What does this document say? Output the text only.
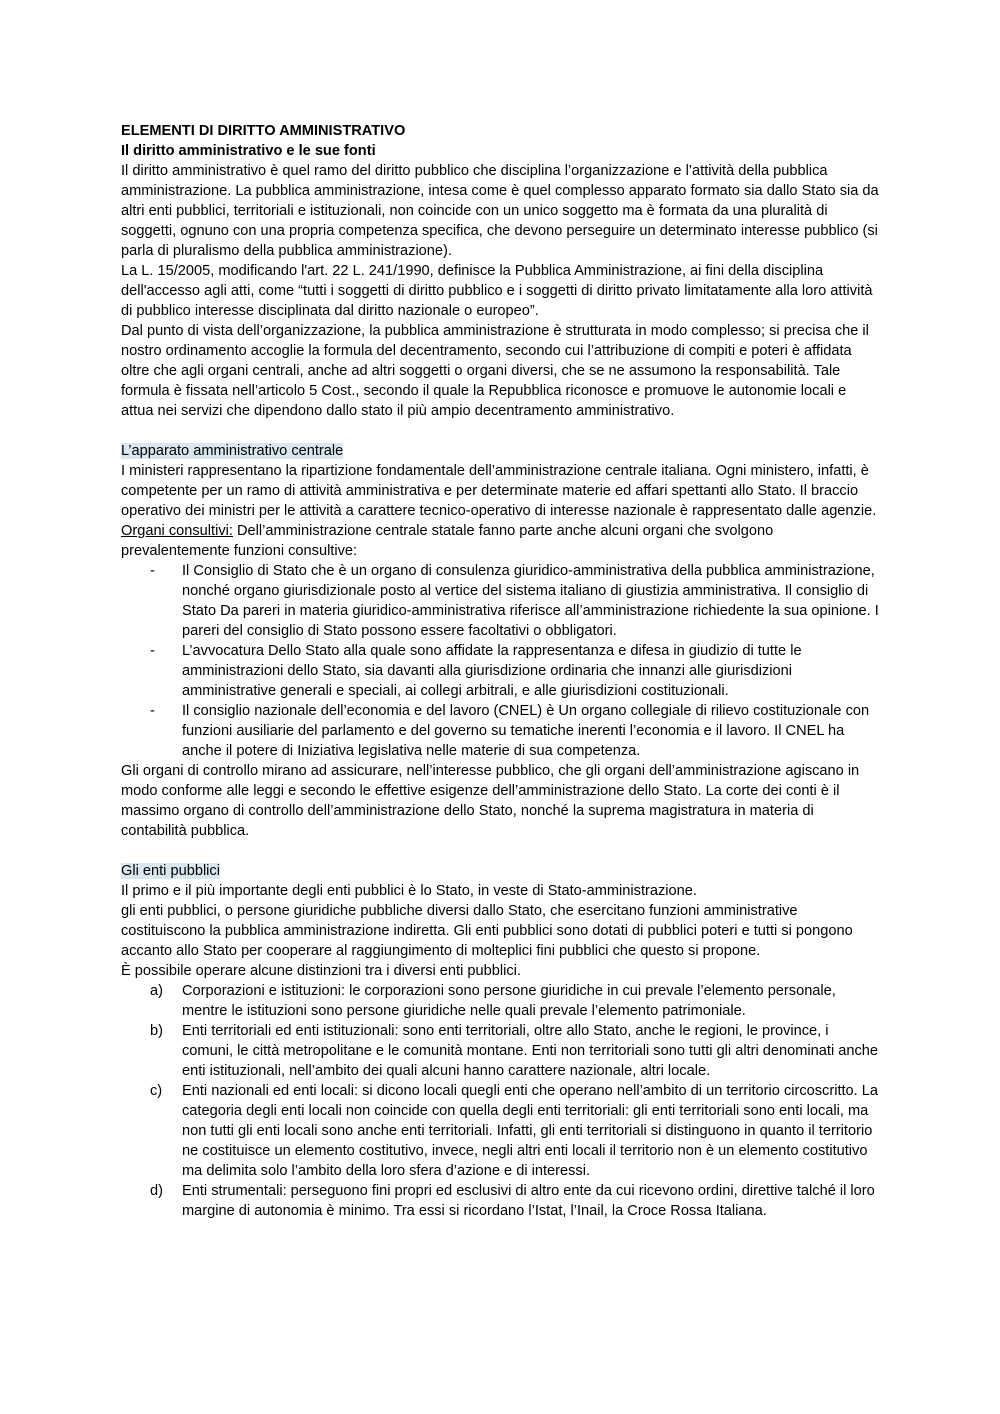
ELEMENTI DI DIRITTO AMMINISTRATIVO

Il diritto amministrativo e le sue fonti

Il diritto amministrativo è quel ramo del diritto pubblico che disciplina l’organizzazione e l’attività della pubblica amministrazione. La pubblica amministrazione, intesa come è quel complesso apparato formato sia dallo Stato sia da altri enti pubblici, territoriali e istituzionali, non coincide con un unico soggetto ma è formata da una pluralità di soggetti, ognuno con una propria competenza specifica, che devono perseguire un determinato interesse pubblico (si parla di pluralismo della pubblica amministrazione).

La L. 15/2005, modificando l'art. 22 L. 241/1990, definisce la Pubblica Amministrazione, ai fini della disciplina dell'accesso agli atti, come “tutti i soggetti di diritto pubblico e i soggetti di diritto privato limitatamente alla loro attività di pubblico interesse disciplinata dal diritto nazionale o europeo”.

Dal punto di vista dell’organizzazione, la pubblica amministrazione è strutturata in modo complesso; si precisa che il nostro ordinamento accoglie la formula del decentramento, secondo cui l’attribuzione di compiti e poteri è affidata oltre che agli organi centrali, anche ad altri soggetti o organi diversi, che se ne assumono la responsabilità. Tale formula è fissata nell’articolo 5 Cost., secondo il quale la Repubblica riconosce e promuove le autonomie locali e attua nei servizi che dipendono dallo stato il più ampio decentramento amministrativo.

L’apparato amministrativo centrale

I ministeri rappresentano la ripartizione fondamentale dell’amministrazione centrale italiana. Ogni ministero, infatti, è competente per un ramo di attività amministrativa e per determinate materie ed affari spettanti allo Stato. Il braccio operativo dei ministri per le attività a carattere tecnico-operativo di interesse nazionale è rappresentato dalle agenzie.

Organi consultivi: Dell’amministrazione centrale statale fanno parte anche alcuni organi che svolgono prevalentemente funzioni consultive:

- Il Consiglio di Stato che è un organo di consulenza giuridico-amministrativa della pubblica amministrazione, nonché organo giurisdizionale posto al vertice del sistema italiano di giustizia amministrativa. Il consiglio di Stato Da pareri in materia giuridico-amministrativa riferisce all’amministrazione richiedente la sua opinione. I pareri del consiglio di Stato possono essere facoltativi o obbligatori.
- L’avvocatura Dello Stato alla quale sono affidate la rappresentanza e difesa in giudizio di tutte le amministrazioni dello Stato, sia davanti alla giurisdizione ordinaria che innanzi alle giurisdizioni amministrative generali e speciali, ai collegi arbitrali, e alle giurisdizioni costituzionali.
- Il consiglio nazionale dell’economia e del lavoro (CNEL) è Un organo collegiale di rilievo costituzionale con funzioni ausiliarie del parlamento e del governo su tematiche inerenti l’economia e il lavoro. Il CNEL ha anche il potere di Iniziativa legislativa nelle materie di sua competenza.

Gli organi di controllo mirano ad assicurare, nell’interesse pubblico, che gli organi dell’amministrazione agiscano in modo conforme alle leggi e secondo le effettive esigenze dell’amministrazione dello Stato. La corte dei conti è il massimo organo di controllo dell’amministrazione dello Stato, nonché la suprema magistratura in materia di contabilità pubblica.

Gli enti pubblici

Il primo e il più importante degli enti pubblici è lo Stato, in veste di Stato-amministrazione.

gli enti pubblici, o persone giuridiche pubbliche diversi dallo Stato, che esercitano funzioni amministrative costituiscono la pubblica amministrazione indiretta. Gli enti pubblici sono dotati di pubblici poteri e tutti si pongono accanto allo Stato per cooperare al raggiungimento di molteplici fini pubblici che questo si propone.

È possibile operare alcune distinzioni tra i diversi enti pubblici.

a) Corporazioni e istituzioni: le corporazioni sono persone giuridiche in cui prevale l’elemento personale, mentre le istituzioni sono persone giuridiche nelle quali prevale l’elemento patrimoniale.
b) Enti territoriali ed enti istituzionali: sono enti territoriali, oltre allo Stato, anche le regioni, le province, i comuni, le città metropolitane e le comunità montane. Enti non territoriali sono tutti gli altri denominati anche enti istituzionali, nell’ambito dei quali alcuni hanno carattere nazionale, altri locale.
c) Enti nazionali ed enti locali: si dicono locali quegli enti che operano nell’ambito di un territorio circoscritto. La categoria degli enti locali non coincide con quella degli enti territoriali: gli enti territoriali sono enti locali, ma non tutti gli enti locali sono anche enti territoriali. Infatti, gli enti territoriali si distinguono in quanto il territorio ne costituisce un elemento costitutivo, invece, negli altri enti locali il territorio non è un elemento costitutivo ma delimita solo l’ambito della loro sfera d’azione e di interessi.
d) Enti strumentali: perseguono fini propri ed esclusivi di altro ente da cui ricevono ordini, direttive talché il loro margine di autonomia è minimo. Tra essi si ricordano l’Istat, l’Inail, la Croce Rossa Italiana.
